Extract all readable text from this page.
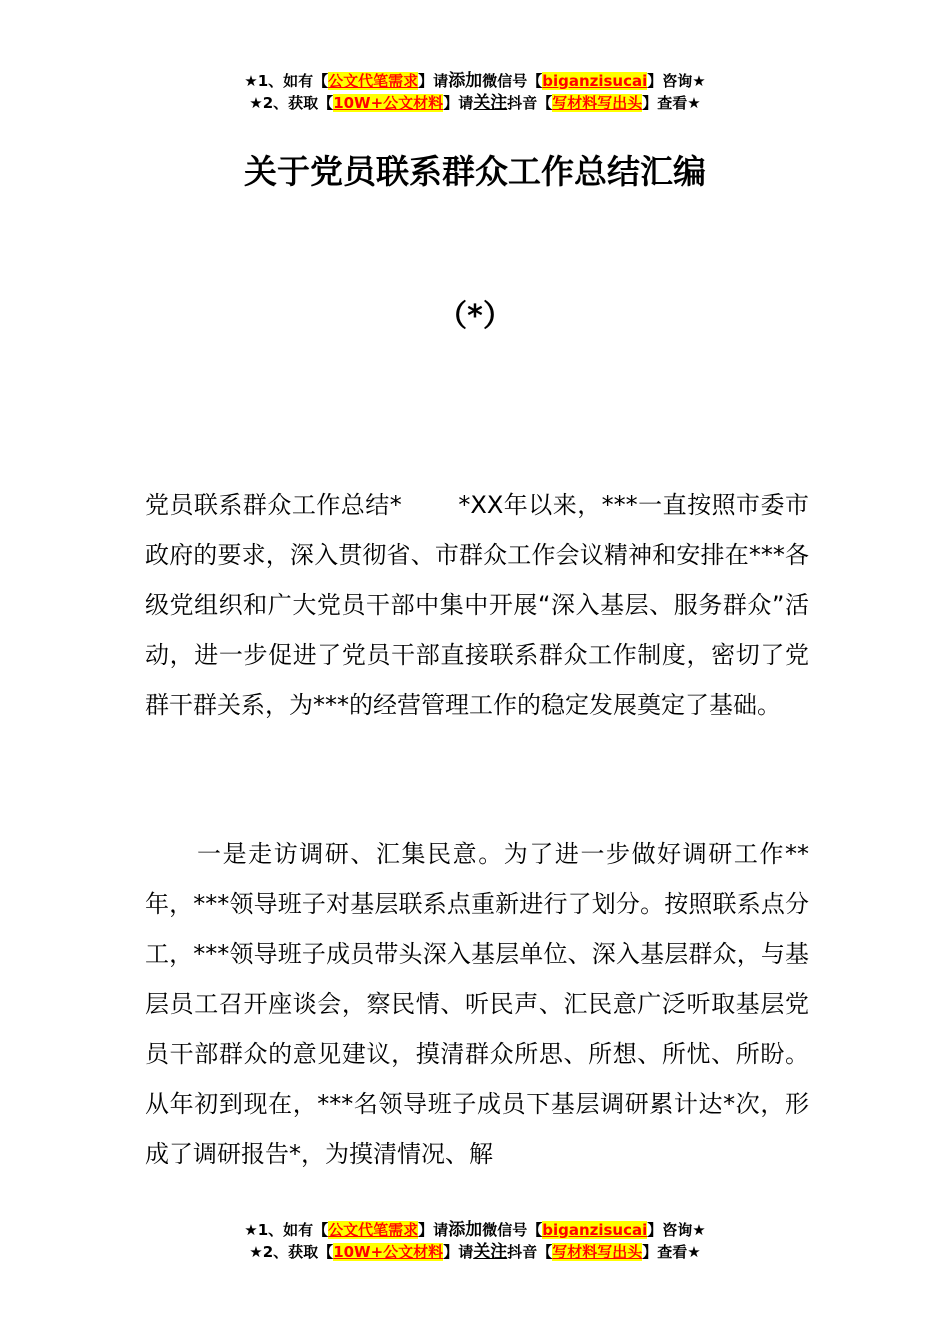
★1、如有【公文代笔需求】请添加微信号【biganzisucai】咨询★
★2、获取【10W+公文材料】请关注抖音【写材料写出头】查看★
关于党员联系群众工作总结汇编
（*）

党员联系群众工作总结*       *XX年以来，***一直按照市委市政府的要求，深入贯彻省、市群众工作会议精神和安排在***各级党组织和广大党员干部中集中开展“深入基层、服务群众”活动，进一步促进了党员干部直接联系群众工作制度，密切了党群干群关系，为***的经营管理工作的稳定发展奠定了基础。

一是走访调研、汇集民意。为了进一步做好调研工作**年，***领导班子对基层联系点重新进行了划分。按照联系点分工，***领导班子成员带头深入基层单位、深入基层群众，与基层员工召开座谈会，察民情、听民声、汇民意广泛听取基层党员干部群众的意见建议，摸清群众所思、所想、所忧、所盼。从年初到现在，***名领导班子成员下基层调研累计达*次，形成了调研报告*，为摸清情况、解

★1、如有【公文代笔需求】请添加微信号【biganzisucai】咨询★
★2、获取【10W+公文材料】请关注抖音【写材料写出头】查看★
